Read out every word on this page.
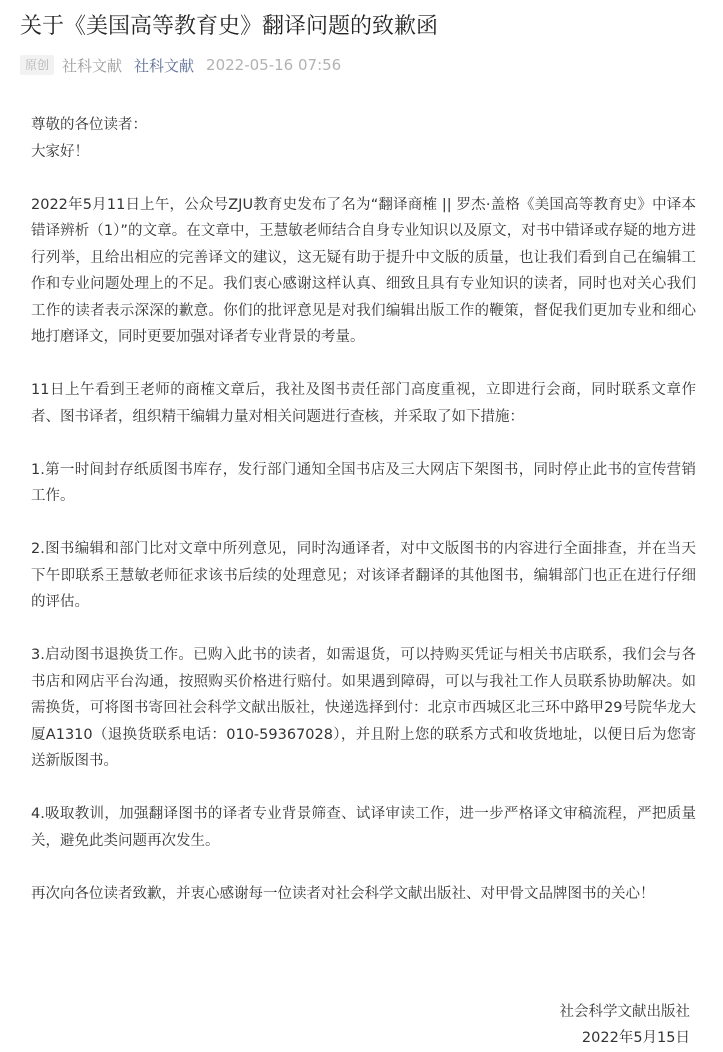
关于《美国高等教育史》翻译问题的致歉函
原创 社科文献 社科文献 2022-05-16 07:56

尊敬的各位读者：

大家好！

2022年5月11日上午，公众号ZJU教育史发布了名为“翻译商榷 || 罗杰·盖格《美国高等教育史》中译本错译辨析（1）”的文章。在文章中，王慧敏老师结合自身专业知识以及原文，对书中错译或存疑的地方进行列举，且给出相应的完善译文的建议，这无疑有助于提升中文版的质量，也让我们看到自己在编辑工作和专业问题处理上的不足。我们衷心感谢这样认真、细致且具有专业知识的读者，同时也对关心我们工作的读者表示深深的歉意。你们的批评意见是对我们编辑出版工作的鞭策，督促我们更加专业和细心地打磨译文，同时更要加强对译者专业背景的考量。

11日上午看到王老师的商榷文章后，我社及图书责任部门高度重视，立即进行会商，同时联系文章作者、图书译者，组织精干编辑力量对相关问题进行查核，并采取了如下措施：

1.第一时间封存纸质图书库存，发行部门通知全国书店及三大网店下架图书，同时停止此书的宣传营销工作。

2.图书编辑和部门比对文章中所列意见，同时沟通译者，对中文版图书的内容进行全面排查，并在当天下午即联系王慧敏老师征求该书后续的处理意见；对该译者翻译的其他图书，编辑部门也正在进行仔细的评估。

3.启动图书退换货工作。已购入此书的读者，如需退货，可以持购买凭证与相关书店联系，我们会与各书店和网店平台沟通，按照购买价格进行赔付。如果遇到障碍，可以与我社工作人员联系协助解决。如需换货，可将图书寄回社会科学文献出版社，快递选择到付：北京市西城区北三环中路甲29号院华龙大厦A1310（退换货联系电话：010-59367028），并且附上您的联系方式和收货地址，以便日后为您寄送新版图书。

4.吸取教训，加强翻译图书的译者专业背景筛查、试译审读工作，进一步严格译文审稿流程，严把质量关，避免此类问题再次发生。

再次向各位读者致歉，并衷心感谢每一位读者对社会科学文献出版社、对甲骨文品牌图书的关心！

社会科学文献出版社
2022年5月15日
